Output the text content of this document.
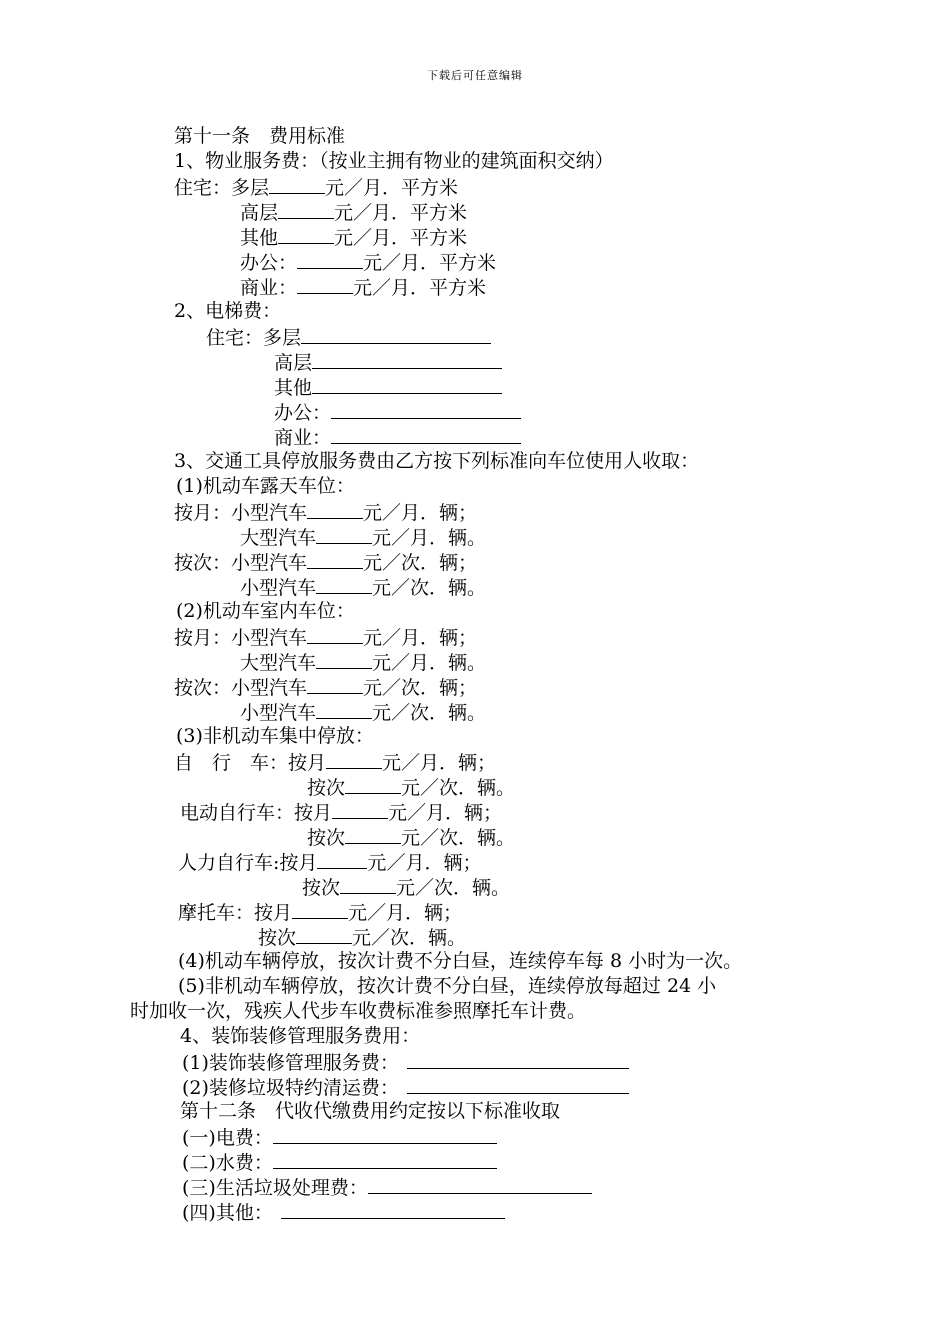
下载后可任意编辑
第十一条　费用标准
1、物业服务费：（按业主拥有物业的建筑面积交纳）
住宅：多层	元／月．平方米
高层	元／月．平方米
其他	元／月．平方米
办公：	元／月．平方米
商业：	元／月．平方米
2、电梯费：
住宅：多层
高层
其他
办公：
商业：
3、交通工具停放服务费由乙方按下列标准向车位使用人收取：
(1)机动车露天车位：
按月：小型汽车	元／月．辆；
大型汽车	元／月．辆。
按次：小型汽车	元／次．辆；
小型汽车	元／次．辆。
(2)机动车室内车位：
按月：小型汽车	元／月．辆；
大型汽车	元／月．辆。
按次：小型汽车	元／次．辆；
小型汽车	元／次．辆。
(3)非机动车集中停放：
自　行　车：按月	元／月．辆；
按次	元／次．辆。
电动自行车：按月	元／月．辆；
按次	元／次．辆。
人力自行车:按月	元／月．辆；
按次	元／次．辆。
摩托车：按月	元／月．辆；
按次	元／次．辆。
(4)机动车辆停放，按次计费不分白昼，连续停车每 8 小时为一次。
(5)非机动车辆停放，按次计费不分白昼，连续停放每超过 24 小
时加收一次，残疾人代步车收费标准参照摩托车计费。
4、装饰装修管理服务费用：
(1)装饰装修管理服务费：
(2)装修垃圾特约清运费：
第十二条　代收代缴费用约定按以下标准收取
(一)电费：
(二)水费：
(三)生活垃圾处理费：
(四)其他：
